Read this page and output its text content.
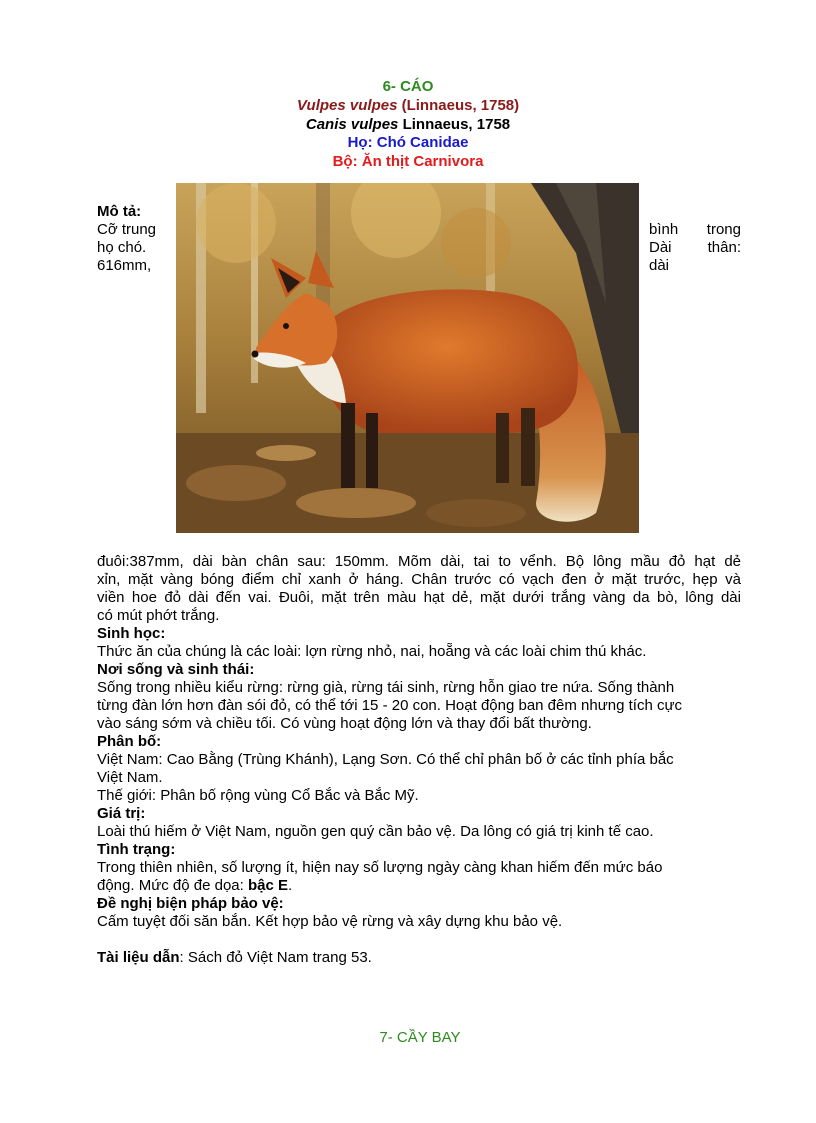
6- CÁO
Vulpes vulpes (Linnaeus, 1758)
Canis vulpes Linnaeus, 1758
Họ: Chó Canidae
Bộ: Ăn thịt Carnivora
Mô tả:
Cỡ trung
họ chó.
616mm,
bình trong
Dài thân:
dài
đuôi:387mm, dài bàn chân sau: 150mm. Mõm dài, tai to vểnh. Bộ lông mầu đỏ hạt dẻ
xỉn, mặt vàng bóng điểm chỉ xanh ở háng. Chân trước có vạch đen ở mặt trước, hẹp và
viền hoe đỏ dài đến vai. Đuôi, mặt trên màu hạt dẻ, mặt dưới trắng vàng da bò, lông dài
có mút phớt trắng.
Sinh học:
Thức ăn của chúng là các loài: lợn rừng nhỏ, nai, hoẵng và các loài chim thú khác.
Nơi sống và sinh thái:
Sống trong nhiều kiểu rừng: rừng già, rừng tái sinh, rừng hỗn giao tre nứa. Sống thành
từng đàn lớn hơn đàn sói đỏ, có thể tới 15 - 20 con. Hoạt động ban đêm nhưng tích cực
vào sáng sớm và chiều tối. Có vùng hoạt động lớn và thay đổi bất thường.
Phân bố:
Việt Nam: Cao Bằng (Trùng Khánh), Lạng Sơn. Có thể chỉ phân bố ở các tỉnh phía bắc
Việt Nam.
Thế giới: Phân bố rộng vùng Cổ Bắc và Bắc Mỹ.
Giá trị:
Loài thú hiếm ở Việt Nam, nguồn gen quý cần bảo vệ. Da lông có giá trị kinh tế cao.
Tình trạng:
Trong thiên nhiên, số lượng ít, hiện nay số lượng ngày càng khan hiếm đến mức báo
động. Mức độ đe dọa: bậc E.
Đề nghị biện pháp bảo vệ:
Cấm tuyệt đối săn bắn. Kết hợp bảo vệ rừng và xây dựng khu bảo vệ.
Tài liệu dẫn: Sách đỏ Việt Nam trang 53.
7- CẦY BAY
